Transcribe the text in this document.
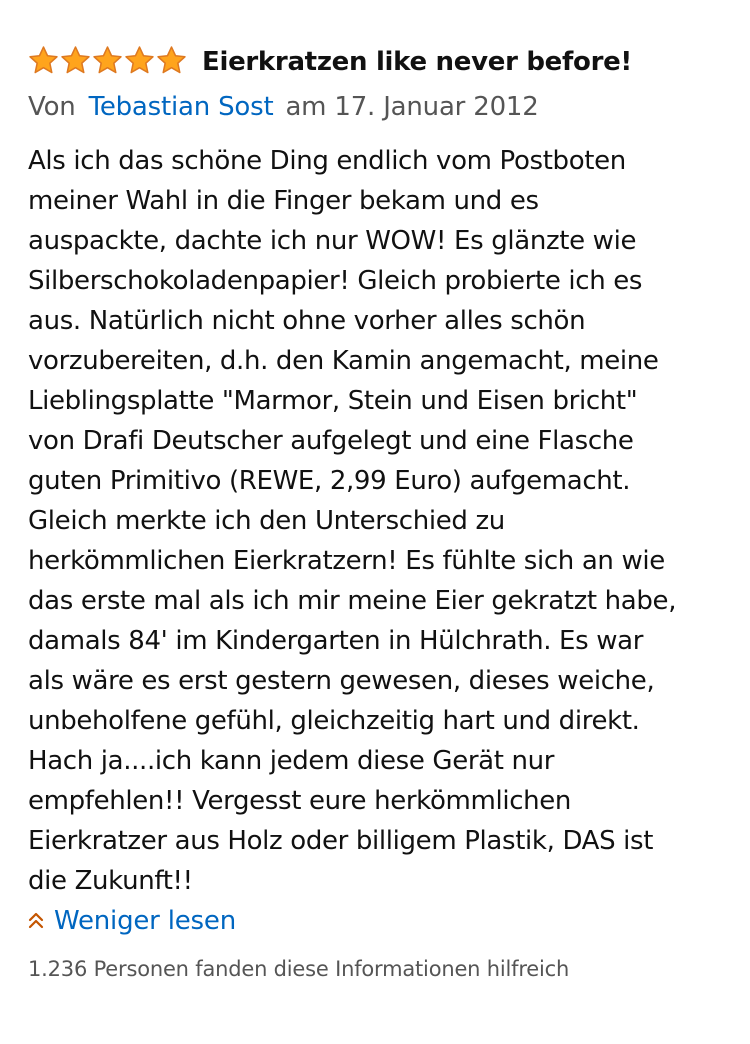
Eierkratzen like never before!
Von Tebastian Sost am 17. Januar 2012
Als ich das schöne Ding endlich vom Postboten
meiner Wahl in die Finger bekam und es
auspackte, dachte ich nur WOW! Es glänzte wie
Silberschokoladenpapier! Gleich probierte ich es
aus. Natürlich nicht ohne vorher alles schön
vorzubereiten, d.h. den Kamin angemacht, meine
Lieblingsplatte "Marmor, Stein und Eisen bricht"
von Drafi Deutscher aufgelegt und eine Flasche
guten Primitivo (REWE, 2,99 Euro) aufgemacht.
Gleich merkte ich den Unterschied zu
herkömmlichen Eierkratzern! Es fühlte sich an wie
das erste mal als ich mir meine Eier gekratzt habe,
damals 84' im Kindergarten in Hülchrath. Es war
als wäre es erst gestern gewesen, dieses weiche,
unbeholfene gefühl, gleichzeitig hart und direkt.
Hach ja....ich kann jedem diese Gerät nur
empfehlen!! Vergesst eure herkömmlichen
Eierkratzer aus Holz oder billigem Plastik, DAS ist
die Zukunft!!
Weniger lesen
1.236 Personen fanden diese Informationen hilfreich
